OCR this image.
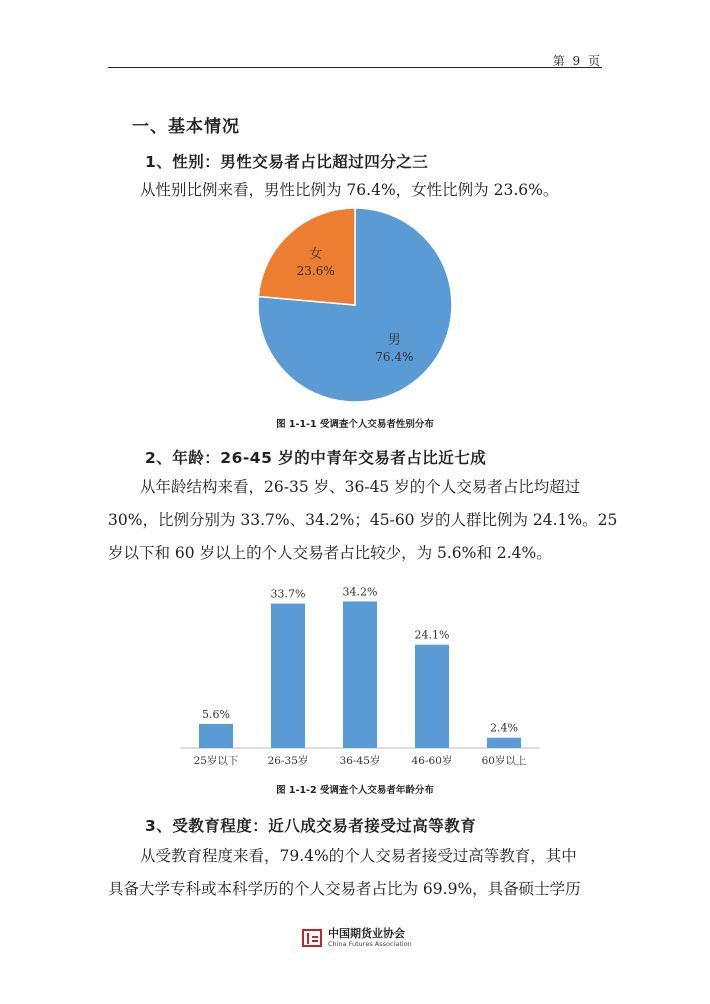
第 9 页
一、基本情况
1、性别：男性交易者占比超过四分之三
从性别比例来看，男性比例为 76.4%，女性比例为 23.6%。
男
76.4%
女
23.6%
图 1-1-1 受调查个人交易者性别分布
2、年龄：26-45 岁的中青年交易者占比近七成
从年龄结构来看，26-35 岁、36-45 岁的个人交易者占比均超过
30%，比例分别为 33.7%、34.2%；45-60 岁的人群比例为 24.1%。25
岁以下和 60 岁以上的个人交易者占比较少，为 5.6%和 2.4%。
5.6%
25岁以下
33.7%
26-35岁
34.2%
36-45岁
24.1%
46-60岁
2.4%
60岁以上
图 1-1-2 受调查个人交易者年龄分布
3、受教育程度：近八成交易者接受过高等教育
从受教育程度来看，79.4%的个人交易者接受过高等教育，其中
具备大学专科或本科学历的个人交易者占比为 69.9%，具备硕士学历
中国期货业协会
China Futures Association
